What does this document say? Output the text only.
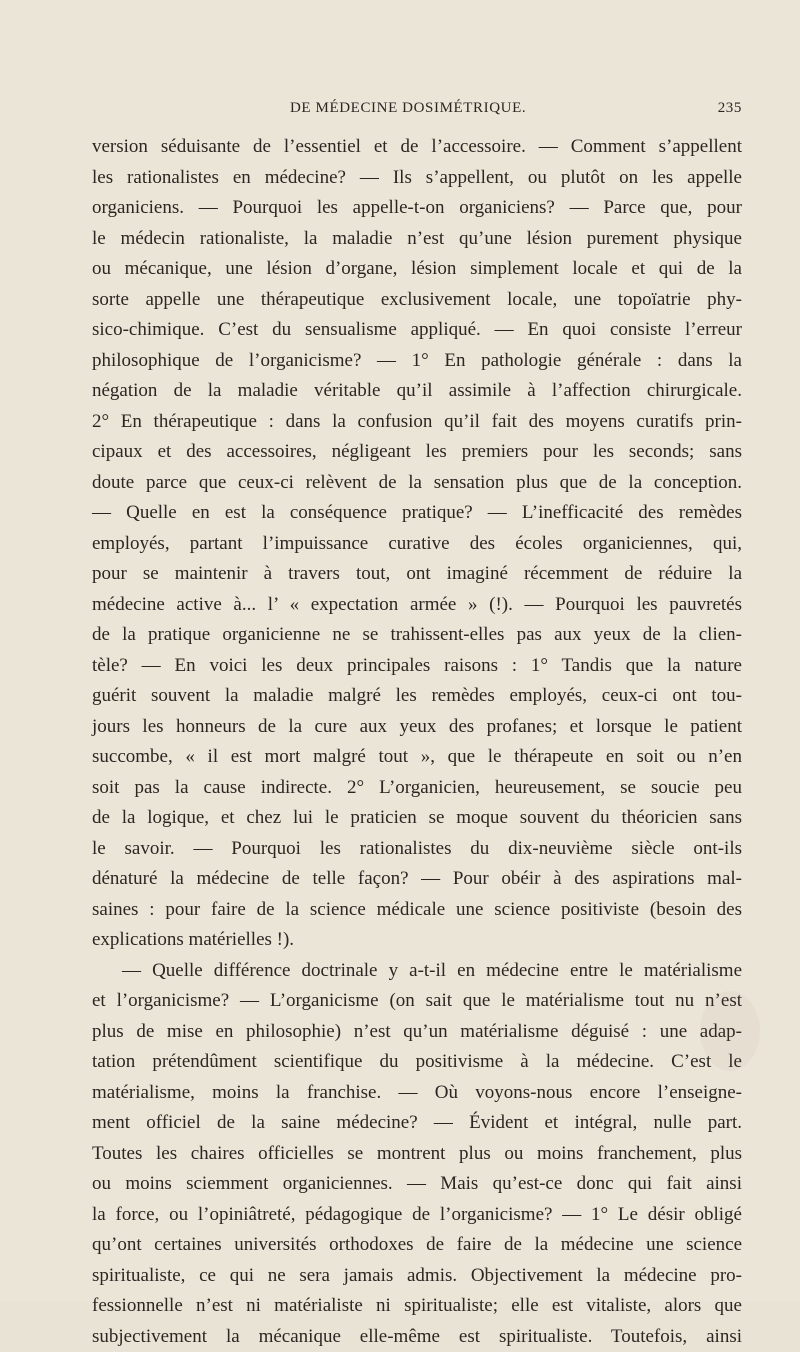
DE MÉDECINE DOSIMÉTRIQUE.	235
version séduisante de l’essentiel et de l’accessoire. — Comment s’appellent
les rationalistes en médecine? — Ils s’appellent, ou plutôt on les appelle
organiciens. — Pourquoi les appelle-t-on organiciens? — Parce que, pour
le médecin rationaliste, la maladie n’est qu’une lésion purement physique
ou mécanique, une lésion d’organe, lésion simplement locale et qui de la
sorte appelle une thérapeutique exclusivement locale, une topoïatrie phy-
sico-chimique. C’est du sensualisme appliqué. — En quoi consiste l’erreur
philosophique de l’organicisme? — 1° En pathologie générale : dans la
négation de la maladie véritable qu’il assimile à l’affection chirurgicale.
2° En thérapeutique : dans la confusion qu’il fait des moyens curatifs prin-
cipaux et des accessoires, négligeant les premiers pour les seconds; sans
doute parce que ceux-ci relèvent de la sensation plus que de la conception.
— Quelle en est la conséquence pratique? — L’inefficacité des remèdes
employés, partant l’impuissance curative des écoles organiciennes, qui,
pour se maintenir à travers tout, ont imaginé récemment de réduire la
médecine active à... l’ « expectation armée » (!). — Pourquoi les pauvretés
de la pratique organicienne ne se trahissent-elles pas aux yeux de la clien-
tèle? — En voici les deux principales raisons : 1° Tandis que la nature
guérit souvent la maladie malgré les remèdes employés, ceux-ci ont tou-
jours les honneurs de la cure aux yeux des profanes; et lorsque le patient
succombe, « il est mort malgré tout », que le thérapeute en soit ou n’en
soit pas la cause indirecte. 2° L’organicien, heureusement, se soucie peu
de la logique, et chez lui le praticien se moque souvent du théoricien sans
le savoir. — Pourquoi les rationalistes du dix-neuvième siècle ont-ils
dénaturé la médecine de telle façon? — Pour obéir à des aspirations mal-
saines : pour faire de la science médicale une science positiviste (besoin des
explications matérielles !).
— Quelle différence doctrinale y a-t-il en médecine entre le matérialisme
et l’organicisme? — L’organicisme (on sait que le matérialisme tout nu n’est
plus de mise en philosophie) n’est qu’un matérialisme déguisé : une adap-
tation prétendûment scientifique du positivisme à la médecine. C’est le
matérialisme, moins la franchise. — Où voyons-nous encore l’enseigne-
ment officiel de la saine médecine? — Évident et intégral, nulle part.
Toutes les chaires officielles se montrent plus ou moins franchement, plus
ou moins sciemment organiciennes. — Mais qu’est-ce donc qui fait ainsi
la force, ou l’opiniâtreté, pédagogique de l’organicisme? — 1° Le désir obligé
qu’ont certaines universités orthodoxes de faire de la médecine une science
spiritualiste, ce qui ne sera jamais admis. Objectivement la médecine pro-
fessionnelle n’est ni matérialiste ni spiritualiste; elle est vitaliste, alors que
subjectivement la mécanique elle-même est spiritualiste. Toutefois, ainsi
